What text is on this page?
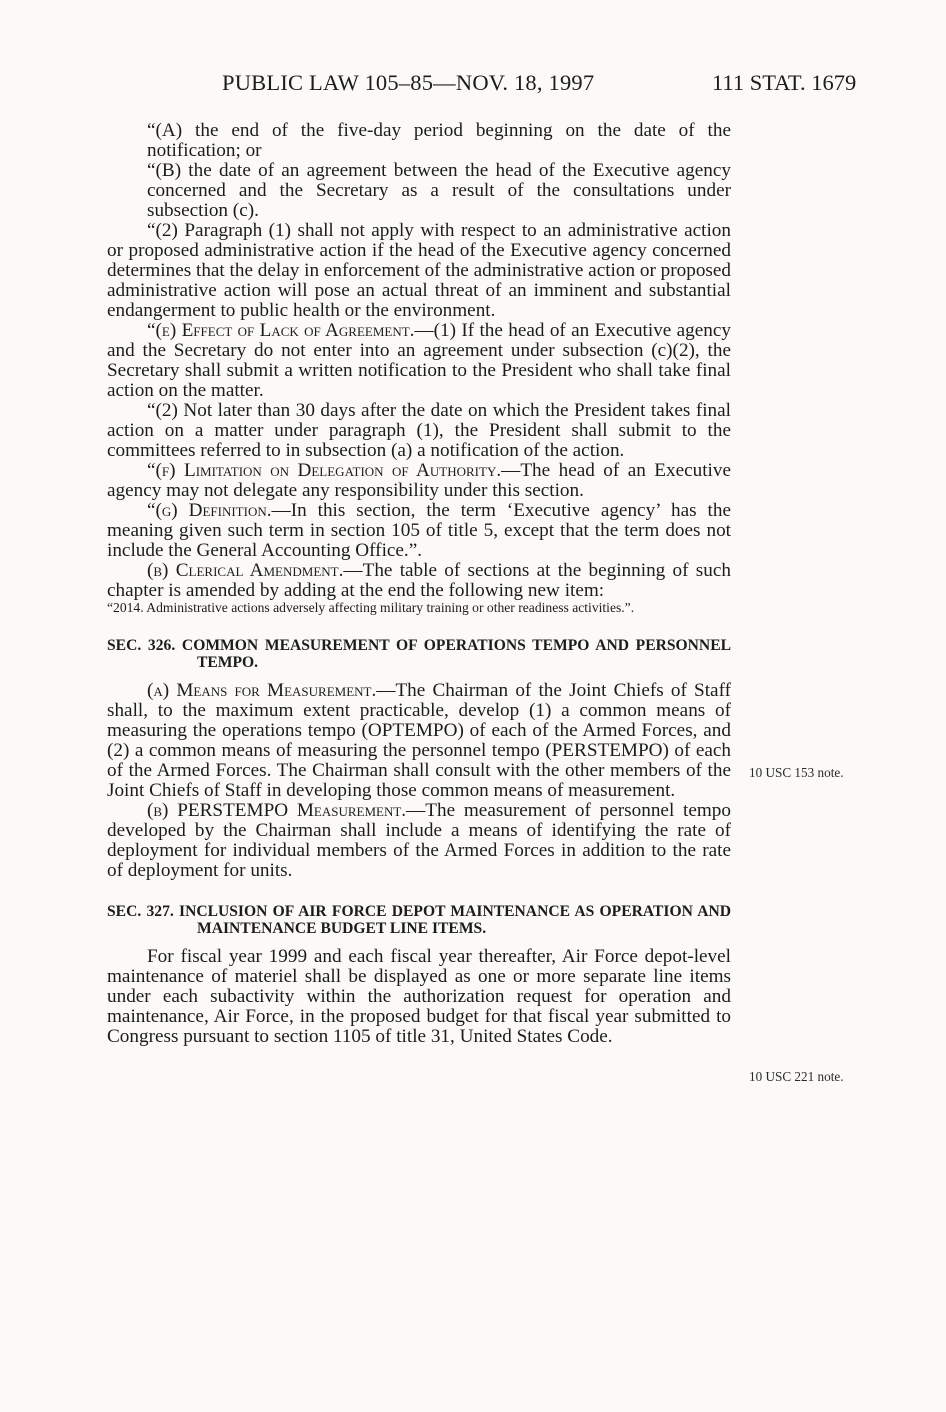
PUBLIC LAW 105–85—NOV. 18, 1997	111 STAT. 1679

“(A) the end of the five-day period beginning on the date of the notification; or

“(B) the date of an agreement between the head of the Executive agency concerned and the Secretary as a result of the consultations under subsection (c).

“(2) Paragraph (1) shall not apply with respect to an administrative action or proposed administrative action if the head of the Executive agency concerned determines that the delay in enforcement of the administrative action or proposed administrative action will pose an actual threat of an imminent and substantial endangerment to public health or the environment.

“(e) Effect of Lack of Agreement.—(1) If the head of an Executive agency and the Secretary do not enter into an agreement under subsection (c)(2), the Secretary shall submit a written notification to the President who shall take final action on the matter.

“(2) Not later than 30 days after the date on which the President takes final action on a matter under paragraph (1), the President shall submit to the committees referred to in subsection (a) a notification of the action.

“(f) Limitation on Delegation of Authority.—The head of an Executive agency may not delegate any responsibility under this section.

“(g) Definition.—In this section, the term ‘Executive agency’ has the meaning given such term in section 105 of title 5, except that the term does not include the General Accounting Office.”.

(b) Clerical Amendment.—The table of sections at the beginning of such chapter is amended by adding at the end the following new item:

“2014. Administrative actions adversely affecting military training or other readiness activities.”.

SEC. 326. COMMON MEASUREMENT OF OPERATIONS TEMPO AND PERSONNEL TEMPO.

(a) Means for Measurement.—The Chairman of the Joint Chiefs of Staff shall, to the maximum extent practicable, develop (1) a common means of measuring the operations tempo (OPTEMPO) of each of the Armed Forces, and (2) a common means of measuring the personnel tempo (PERSTEMPO) of each of the Armed Forces. The Chairman shall consult with the other members of the Joint Chiefs of Staff in developing those common means of measurement.

(b) PERSTEMPO Measurement.—The measurement of personnel tempo developed by the Chairman shall include a means of identifying the rate of deployment for individual members of the Armed Forces in addition to the rate of deployment for units.

SEC. 327. INCLUSION OF AIR FORCE DEPOT MAINTENANCE AS OPERATION AND MAINTENANCE BUDGET LINE ITEMS.

For fiscal year 1999 and each fiscal year thereafter, Air Force depot-level maintenance of materiel shall be displayed as one or more separate line items under each subactivity within the authorization request for operation and maintenance, Air Force, in the proposed budget for that fiscal year submitted to Congress pursuant to section 1105 of title 31, United States Code.

10 USC 153 note.
10 USC 221 note.
